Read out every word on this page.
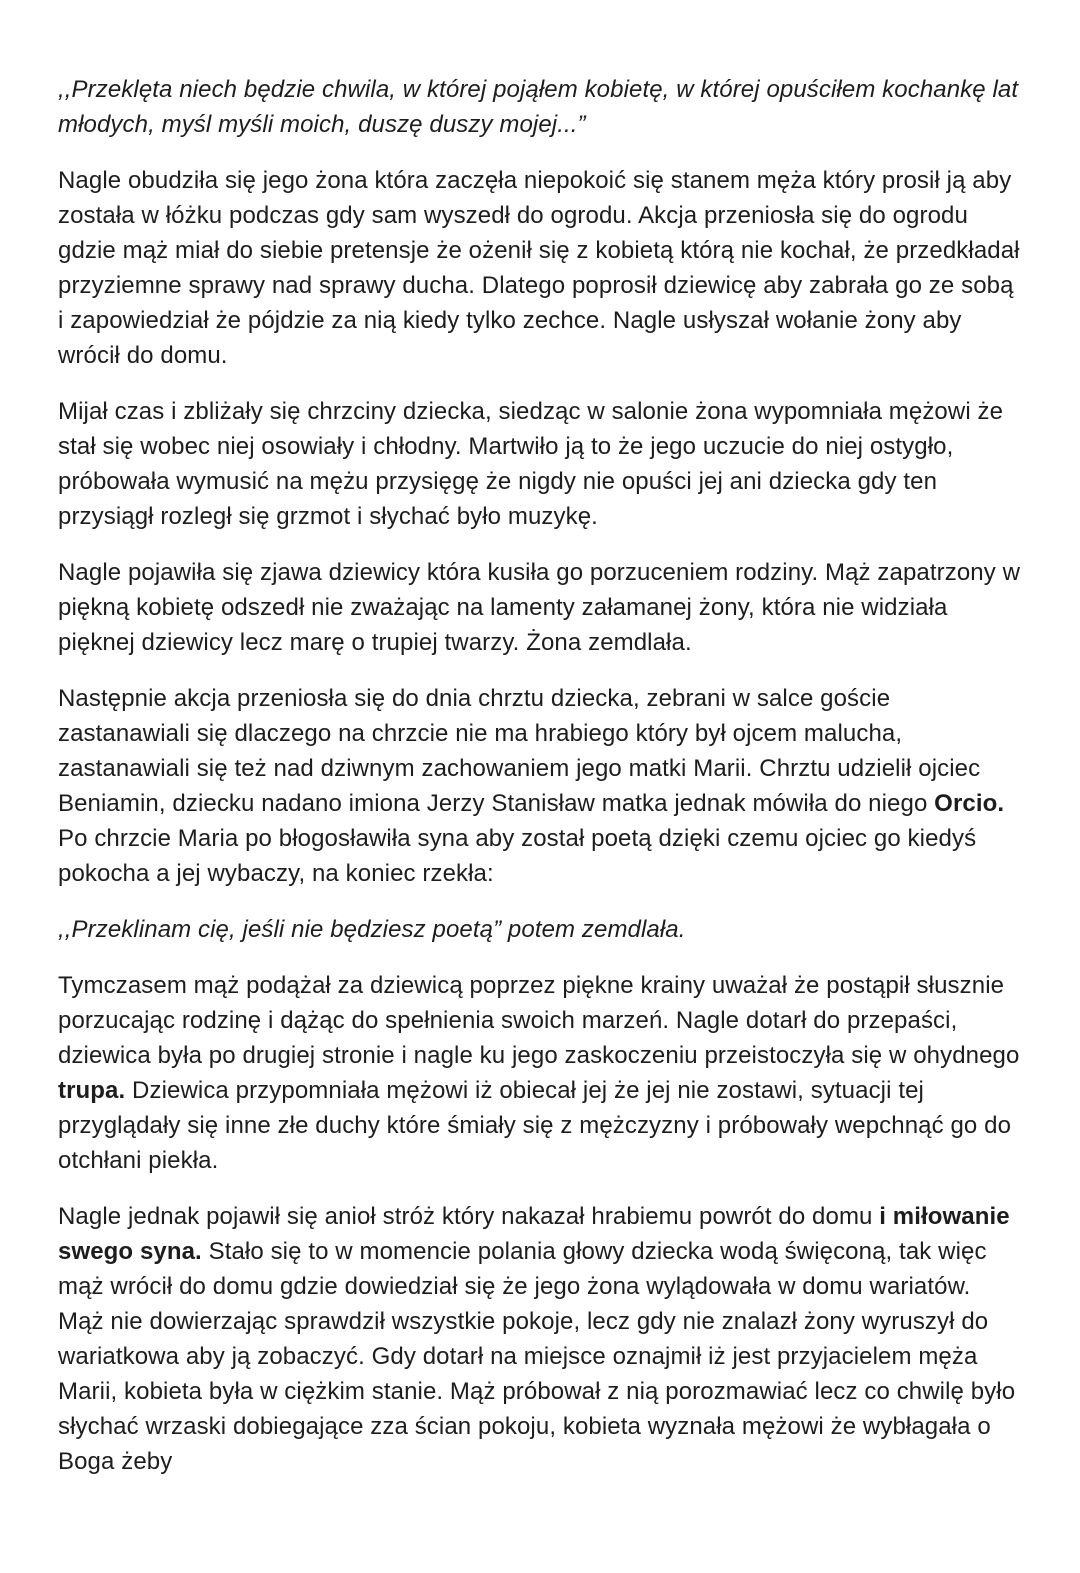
,,Przeklęta niech będzie chwila, w której pojąłem kobietę, w której opuściłem kochankę lat młodych, myśl myśli moich, duszę duszy mojej...”

Nagle obudziła się jego żona która zaczęła niepokoić się stanem męża który prosił ją aby została w łóżku podczas gdy sam wyszedł do ogrodu. Akcja przeniosła się do ogrodu gdzie mąż miał do siebie pretensje że ożenił się z kobietą którą nie kochał, że przedkładał przyziemne sprawy nad sprawy ducha. Dlatego poprosił dziewicę aby zabrała go ze sobą i zapowiedział że pójdzie za nią kiedy tylko zechce. Nagle usłyszał wołanie żony aby wrócił do domu.

Mijał czas i zbliżały się chrzciny dziecka, siedząc w salonie żona wypomniała mężowi że stał się wobec niej osowiały i chłodny. Martwiło ją to że jego uczucie do niej ostygło, próbowała wymusić na mężu przysięgę że nigdy nie opuści jej ani dziecka gdy ten przysiągł rozległ się grzmot i słychać było muzykę.

Nagle pojawiła się zjawa dziewicy która kusiła go porzuceniem rodziny. Mąż zapatrzony w piękną kobietę odszedł nie zważając na lamenty załamanej żony, która nie widziała pięknej dziewicy lecz marę o trupiej twarzy. Żona zemdlała.

Następnie akcja przeniosła się do dnia chrztu dziecka, zebrani w salce goście zastanawiali się dlaczego na chrzcie nie ma hrabiego który był ojcem malucha, zastanawiali się też nad dziwnym zachowaniem jego matki Marii. Chrztu udzielił ojciec Beniamin, dziecku nadano imiona Jerzy Stanisław matka jednak mówiła do niego Orcio. Po chrzcie Maria po błogosławiła syna aby został poetą dzięki czemu ojciec go kiedyś pokocha a jej wybaczy, na koniec rzekła:

,,Przeklinam cię, jeśli nie będziesz poetą” potem zemdlała.

Tymczasem mąż podążał za dziewicą poprzez piękne krainy uważał że postąpił słusznie porzucając rodzinę i dążąc do spełnienia swoich marzeń. Nagle dotarł do przepaści, dziewica była po drugiej stronie i nagle ku jego zaskoczeniu przeistoczyła się w ohydnego trupa. Dziewica przypomniała mężowi iż obiecał jej że jej nie zostawi, sytuacji tej przyglądały się inne złe duchy które śmiały się z mężczyzny i próbowały wepchnąć go do otchłani piekła.

Nagle jednak pojawił się anioł stróż który nakazał hrabiemu powrót do domu i miłowanie swego syna. Stało się to w momencie polania głowy dziecka wodą święconą, tak więc mąż wrócił do domu gdzie dowiedział się że jego żona wylądowała w domu wariatów. Mąż nie dowierzając sprawdził wszystkie pokoje, lecz gdy nie znalazł żony wyruszył do wariatkowa aby ją zobaczyć. Gdy dotarł na miejsce oznajmił iż jest przyjacielem męża Marii, kobieta była w ciężkim stanie. Mąż próbował z nią porozmawiać lecz co chwilę było słychać wrzaski dobiegające zza ścian pokoju, kobieta wyznała mężowi że wybłagała o Boga żeby
